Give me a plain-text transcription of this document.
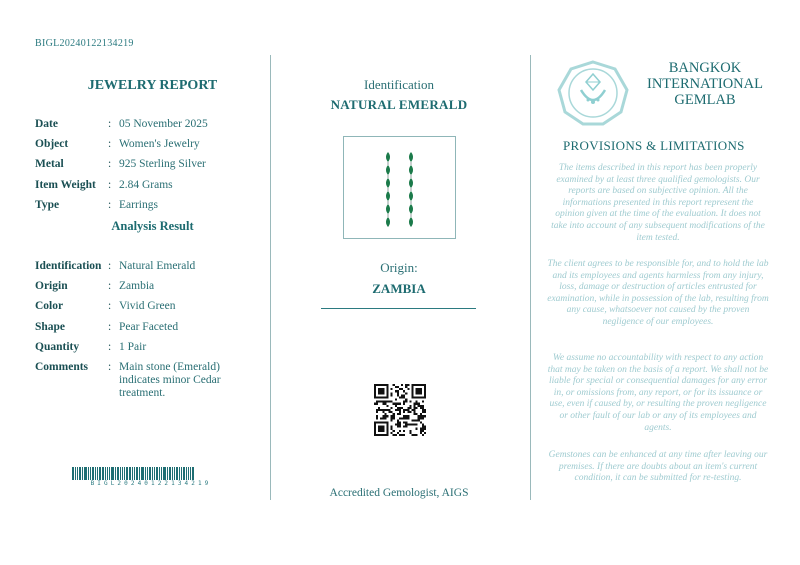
BIGL20240122134219
JEWELRY REPORT
Date	: 05 November 2025
Object	: Women's Jewelry
Metal	: 925 Sterling Silver
Item Weight	: 2.84 Grams
Type	: Earrings
Analysis Result
Identification : Natural Emerald
Origin	: Zambia
Color	: Vivid Green
Shape	: Pear Faceted
Quantity	: 1 Pair
Comments	: Main stone (Emerald) indicates minor Cedar treatment.
BIGL20240122134219
Identification
NATURAL EMERALD
Origin:
ZAMBIA
Accredited Gemologist, AIGS
BANGKOK
INTERNATIONAL
GEMLAB
PROVISIONS & LIMITATIONS
The items described in this report has been properly examined by at least three qualified gemologists. Our reports are based on subjective opinion. All the informations presented in this report represent the opinion given at the time of the evaluation. It does not take into account of any subsequent modifications of the item tested.
The client agrees to be responsible for, and to hold the lab and its employees and agents harmless from any injury, loss, damage or destruction of articles entrusted for examination, while in possession of the lab, resulting from any cause, whatsoever not caused by the proven negligence of our employees.
We assume no accountability with respect to any action that may be taken on the basis of a report. We shall not be liable for special or consequential damages for any error in, or omissions from, any report, or for its issuance or use, even if caused by, or resulting the proven negligence or other fault of our lab or any of its employees and agents.
Gemstones can be enhanced at any time after leaving our premises. If there are doubts about an item's current condition, it can be submitted for re-testing.
